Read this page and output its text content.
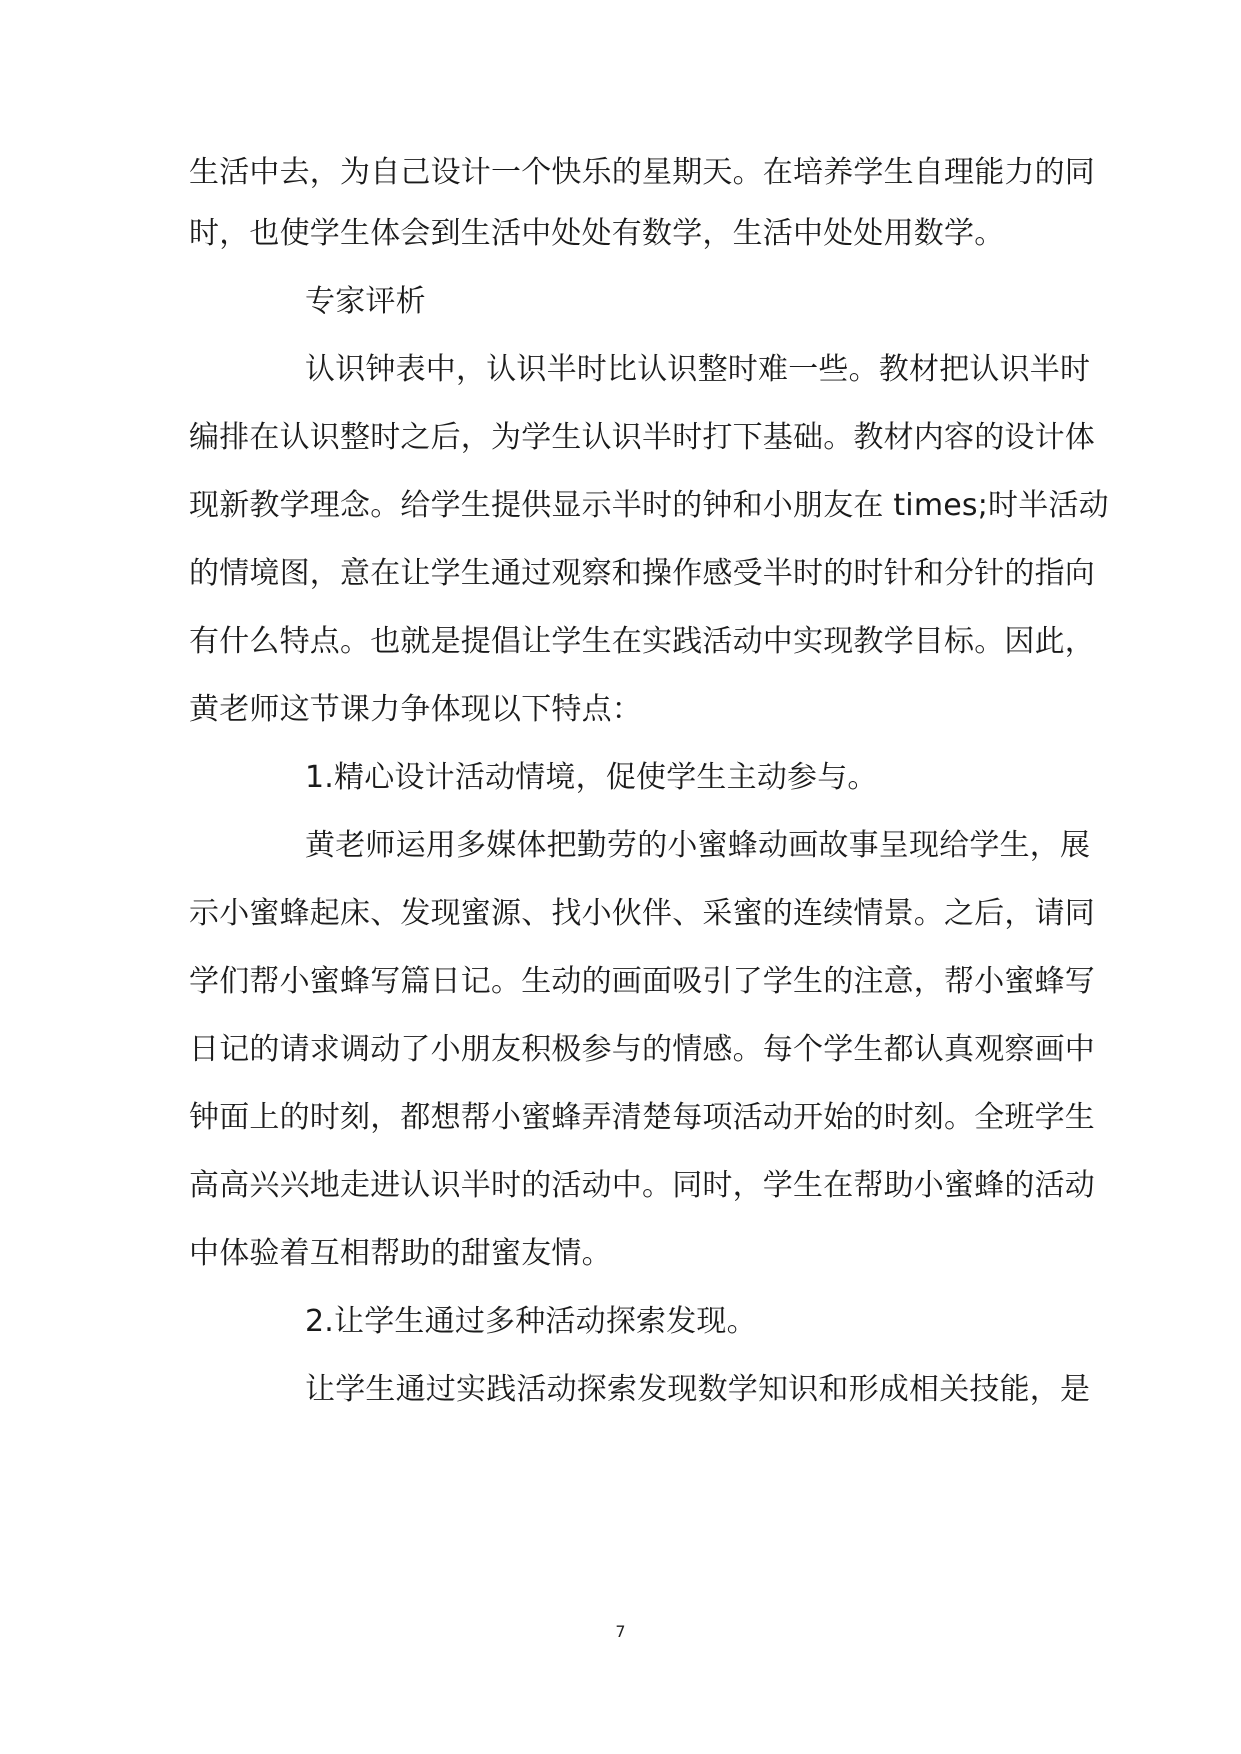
生活中去，为自己设计一个快乐的星期天。在培养学生自理能力的同
时，也使学生体会到生活中处处有数学，生活中处处用数学。
专家评析
认识钟表中，认识半时比认识整时难一些。教材把认识半时
编排在认识整时之后，为学生认识半时打下基础。教材内容的设计体
现新教学理念。给学生提供显示半时的钟和小朋友在 times;时半活动
的情境图，意在让学生通过观察和操作感受半时的时针和分针的指向
有什么特点。也就是提倡让学生在实践活动中实现教学目标。因此，
黄老师这节课力争体现以下特点：
1.精心设计活动情境，促使学生主动参与。
黄老师运用多媒体把勤劳的小蜜蜂动画故事呈现给学生，展
示小蜜蜂起床、发现蜜源、找小伙伴、采蜜的连续情景。之后，请同
学们帮小蜜蜂写篇日记。生动的画面吸引了学生的注意，帮小蜜蜂写
日记的请求调动了小朋友积极参与的情感。每个学生都认真观察画中
钟面上的时刻，都想帮小蜜蜂弄清楚每项活动开始的时刻。全班学生
高高兴兴地走进认识半时的活动中。同时，学生在帮助小蜜蜂的活动
中体验着互相帮助的甜蜜友情。
2.让学生通过多种活动探索发现。
让学生通过实践活动探索发现数学知识和形成相关技能，是
7
